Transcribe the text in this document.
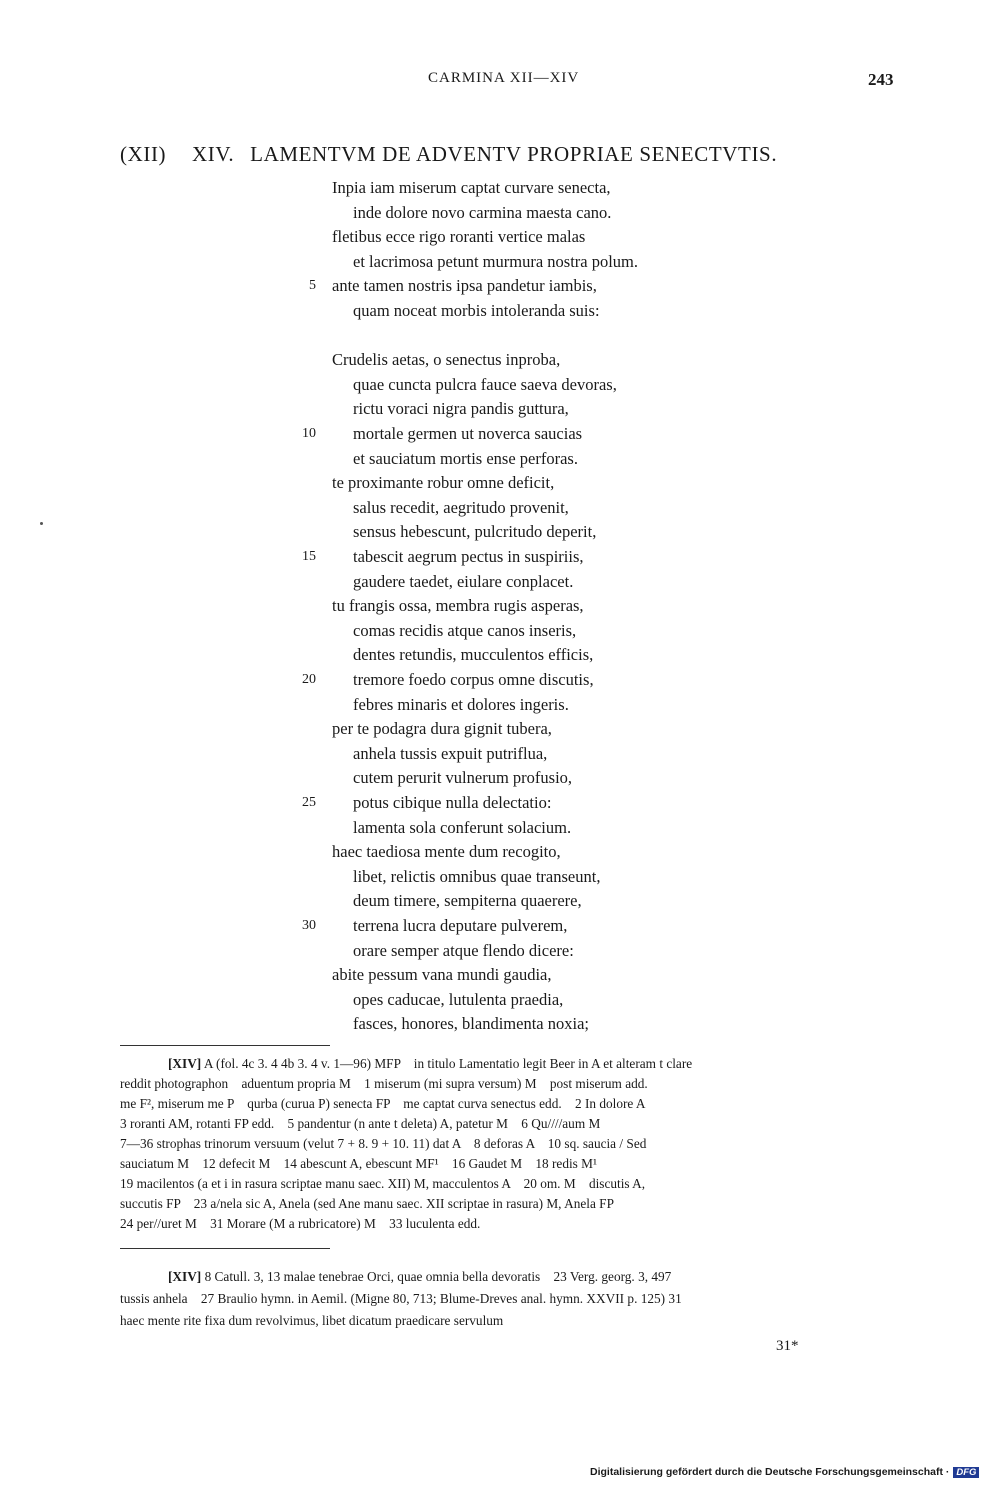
CARMINA XII—XIV	243
(XII) XIV. LAMENTVM DE ADVENTV PROPRIAE SENECTVTIS.
Inpia iam miserum captat curvare senecta,
inde dolore novo carmina maesta cano.
fletibus ecce rigo roranti vertice malas
et lacrimosa petunt murmura nostra polum.
5 ante tamen nostris ipsa pandetur iambis,
quam noceat morbis intoleranda suis:
Crudelis aetas, o senectus inproba,
quae cuncta pulcra fauce saeva devoras,
rictu voraci nigra pandis guttura,
10 mortale germen ut noverca saucias
et sauciatum mortis ense perforas.
te proximante robur omne deficit,
salus recedit, aegritudo provenit,
sensus hebescunt, pulcritudo deperit,
15 tabescit aegrum pectus in suspiriis,
gaudere taedet, eiulare conplacet.
tu frangis ossa, membra rugis asperas,
comas recidis atque canos inseris,
dentes retundis, mucculentos efficis,
20 tremore foedo corpus omne discutis,
febres minaris et dolores ingeris.
per te podagra dura gignit tubera,
anhela tussis expuit putriflua,
cutem perurit vulnerum profusio,
25 potus cibique nulla delectatio:
lamenta sola conferunt solacium.
haec taediosa mente dum recogito,
libet, relictis omnibus quae transeunt,
deum timere, sempiterna quaerere,
30 terrena lucra deputare pulverem,
orare semper atque flendo dicere:
abite pessum vana mundi gaudia,
opes caducae, lutulenta praedia,
fasces, honores, blandimenta noxia;
[XIV] A (fol. 4c 3. 4 4b 3. 4 v. 1—96) MFP    in titulo Lamentatio legit Beer in A et alteram t clare
reddit photographon    aduentum propria M    1 miserum (mi supra versum) M    post miserum add.
me F², miserum me P    qurba (curua P) senecta FP    me captat curva senectus edd.    2 In dolore A
3 roranti AM, rotanti FP edd.    5 pandentur (n ante t deleta) A, patetur M    6 Qu////aum M
7—36 strophas trinorum versuum (velut 7 + 8. 9 + 10. 11) dat A    8 deforas A    10 sq. saucia / Sed
sauciatum M    12 defecit M    14 abescunt A, ebescunt MF¹    16 Gaudet M    18 redis M¹
19 macilentos (a et i in rasura scriptae manu saec. XII) M, macculentos A    20 om. M    discutis A,
succutis FP    23 a/nela sic A, Anela (sed Ane manu saec. XII scriptae in rasura) M, Anela FP
24 per//uret M    31 Morare (M a rubricatore) M    33 luculenta edd.
[XIV] 8 Catull. 3, 13 malae tenebrae Orci, quae omnia bella devoratis    23 Verg. georg. 3, 497
tussis anhela    27 Braulio hymn. in Aemil. (Migne 80, 713; Blume-Dreves anal. hymn. XXVII p. 125) 31
haec mente rite fixa dum revolvimus, libet dicatum praedicare servulum
31*
Digitalisierung gefördert durch die Deutsche Forschungsgemeinschaft · DFG
